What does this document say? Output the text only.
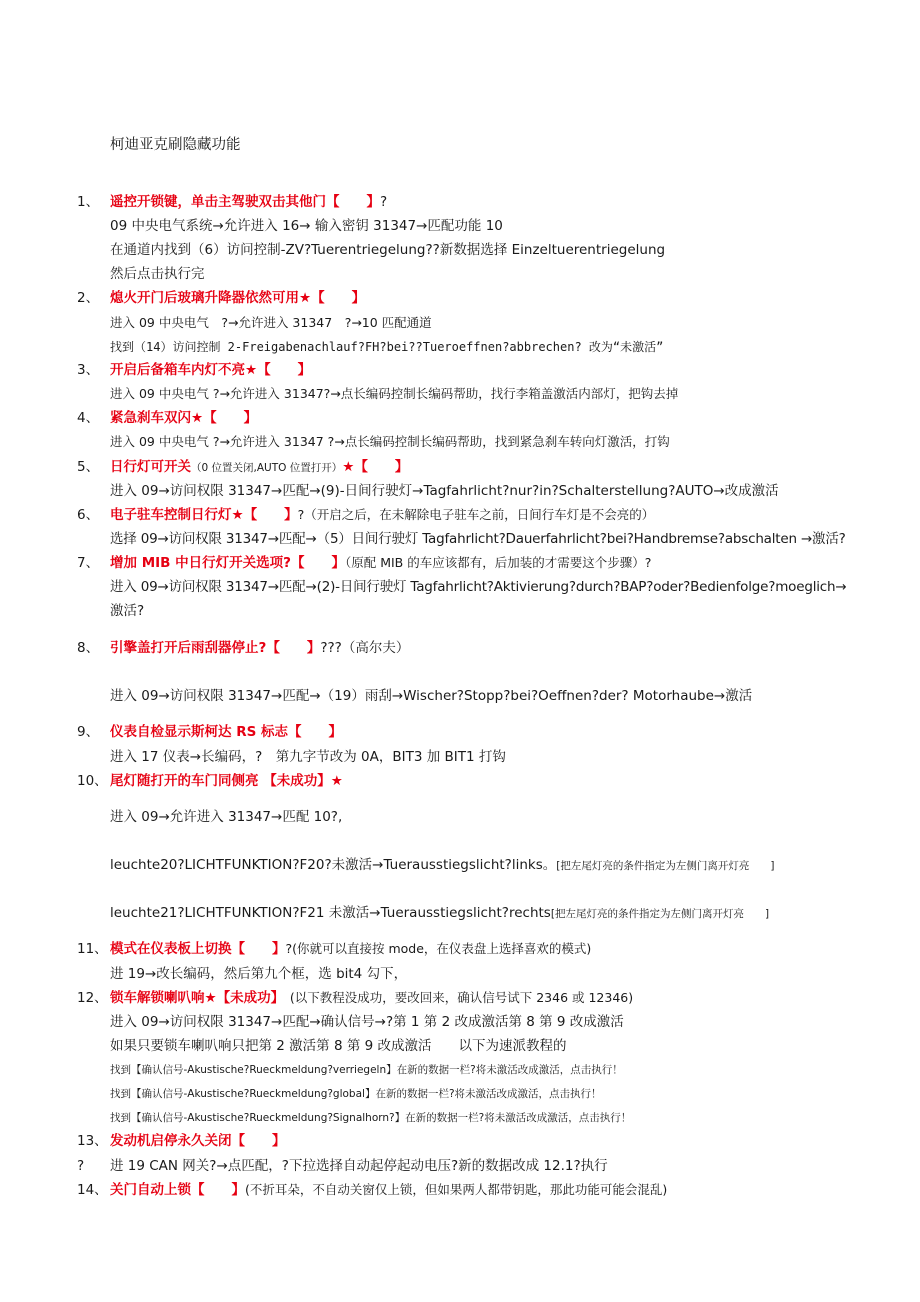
柯迪亚克刷隐藏功能
1、 遥控开锁键，单击主驾驶双击其他门【　　】?
09 中央电气系统→允许进入 16→ 输入密钥 31347→匹配功能 10
在通道内找到（6）访问控制-ZV?Tuerentriegelung??新数据选择 Einzeltuerentriegelung
然后点击执行完
2、 熄火开门后玻璃升降器依然可用★【　　】
进入 09 中央电气　?→允许进入 31347　?→10 匹配通道
找到（14）访问控制 2-Freigabenachlauf?FH?bei??Tueroeffnen?abbrechen? 改为“未激活”
3、 开启后备箱车内灯不亮★【　　】
进入 09 中央电气 ?→允许进入 31347?→点长编码控制长编码帮助，找行李箱盖激活内部灯，把钩去掉
4、 紧急刹车双闪★【　　】
进入 09 中央电气 ?→允许进入 31347 ?→点长编码控制长编码帮助，找到紧急刹车转向灯激活，打钩
5、 日行灯可开关（0 位置关闭,AUTO 位置打开）★【　　】
进入 09→访问权限 31347→匹配→(9)-日间行驶灯→Tagfahrlicht?nur?in?Schalterstellung?AUTO→改成激活
6、 电子驻车控制日行灯★【　　】?（开启之后，在未解除电子驻车之前，日间行车灯是不会亮的）
选择 09→访问权限 31347→匹配→（5）日间行驶灯 Tagfahrlicht?Dauerfahrlicht?bei?Handbremse?abschalten →激活?
7、 增加 MIB 中日行灯开关选项?【　　】（原配 MIB 的车应该都有，后加装的才需要这个步骤）?
进入 09→访问权限 31347→匹配→(2)-日间行驶灯 Tagfahrlicht?Aktivierung?durch?BAP?oder?Bedienfolge?moeglich→
激活?
8、 引擎盖打开后雨刮器停止?【　　】???（高尔夫）
进入 09→访问权限 31347→匹配→（19）雨刮→Wischer?Stopp?bei?Oeffnen?der? Motorhaube→激活
9、 仪表自检显示斯柯达 RS 标志【　　】
进入 17 仪表→长编码，?　第九字节改为 0A，BIT3 加 BIT1 打钩
10、 尾灯随打开的车门同侧亮 【未成功】★
进入 09→允许进入 31347→匹配 10?,
leuchte20?LICHTFUNKTION?F20?未激活→Tuerausstiegslicht?links。[把左尾灯亮的条件指定为左侧门离开灯亮　　]
leuchte21?LICHTFUNKTION?F21 未激活→Tuerausstiegslicht?rechts[把左尾灯亮的条件指定为左侧门离开灯亮　　]
11、 模式在仪表板上切换【　　】?(你就可以直接按 mode，在仪表盘上选择喜欢的模式)
进 19→改长编码，然后第九个框，选 bit4 勾下，
12、 锁车解锁喇叭响★【未成功】　(以下教程没成功，要改回来，确认信号试下 2346 或 12346)
进入 09→访问权限 31347→匹配→确认信号→?第 1 第 2 改成激活第 8 第 9 改成激活
如果只要锁车喇叭响只把第 2 激活第 8 第 9 改成激活　　以下为速派教程的
找到【确认信号-Akustische?Rueckmeldung?verriegeln】在新的数据一栏?将未激活改成激活，点击执行！
找到【确认信号-Akustische?Rueckmeldung?global】在新的数据一栏?将未激活改成激活，点击执行！
找到【确认信号-Akustische?Rueckmeldung?Signalhorn?】在新的数据一栏?将未激活改成激活，点击执行！
13、 发动机启停永久关闭【　　】
? 进 19 CAN 网关?→点匹配，?下拉选择自动起停起动电压?新的数据改成 12.1?执行
14、 关门自动上锁【　　】(不折耳朵，不自动关窗仅上锁，但如果两人都带钥匙，那此功能可能会混乱)
